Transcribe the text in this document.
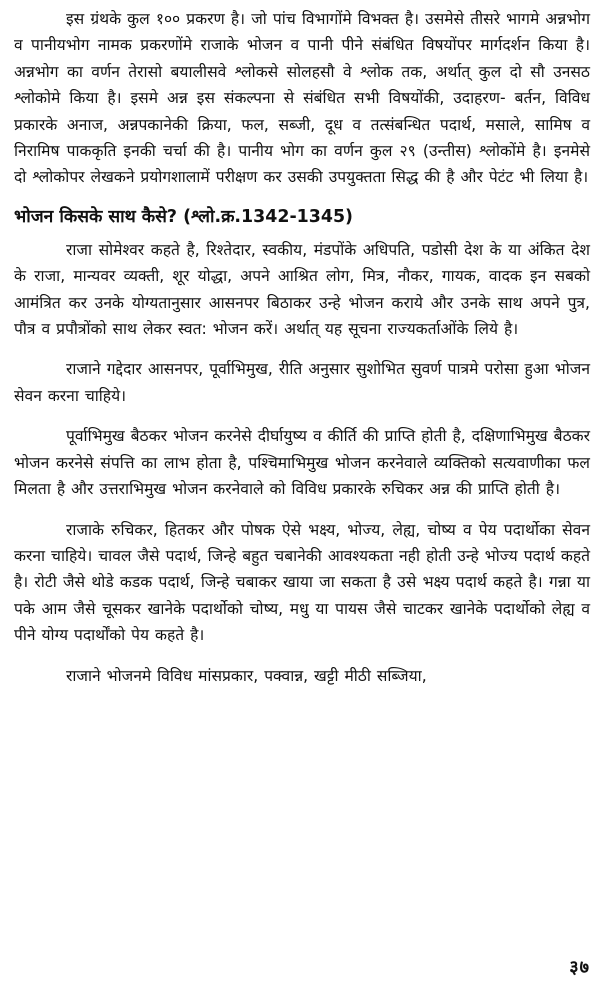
इस ग्रंथके कुल १०० प्रकरण है। जो पांच विभागोंमे विभक्त है। उसमेसे तीसरे भागमे अन्नभोग व पानीयभोग नामक प्रकरणोंमे राजाके भोजन व पानी पीने संबंधित विषयोंपर मार्गदर्शन किया है। अन्नभोग का वर्णन तेरासो बयालीसवे श्लोकसे सोलहसौ वे श्लोक तक, अर्थात् कुल दो सौ उनसठ श्लोकोमे किया है। इसमे अन्न इस संकल्पना से संबंधित सभी विषयोंकी, उदाहरण- बर्तन, विविध प्रकारके अनाज, अन्नपकानेकी क्रिया, फल, सब्जी, दूध व तत्संबन्धित पदार्थ, मसाले, सामिष व निरामिष पाककृति इनकी चर्चा की है। पानीय भोग का वर्णन कुल २९ (उन्तीस) श्लोकोंमे है। इनमेसे दो श्लोकोपर लेखकने प्रयोगशालामें परीक्षण कर उसकी उपयुक्तता सिद्ध की है और पेटंट भी लिया है।

भोजन किसके साथ कैसे? (श्लो.क्र.1342-1345)

राजा सोमेश्वर कहते है, रिश्तेदार, स्वकीय, मंडपोंके अधिपति, पडोसी देश के या अंकित देश के राजा, मान्यवर व्यक्ती, शूर योद्धा, अपने आश्रित लोग, मित्र, नौकर, गायक, वादक इन सबको आमंत्रित कर उनके योग्यतानुसार आसनपर बिठाकर उन्हे भोजन कराये और उनके साथ अपने पुत्र, पौत्र व प्रपौत्रोंको साथ लेकर स्वत: भोजन करें। अर्थात् यह सूचना राज्यकर्ताओंके लिये है।

राजाने गद्देदार आसनपर, पूर्वाभिमुख, रीति अनुसार सुशोभित सुवर्ण पात्रमे परोसा हुआ भोजन सेवन करना चाहिये।

पूर्वाभिमुख बैठकर भोजन करनेसे दीर्घायुष्य व कीर्ति की प्राप्ति होती है, दक्षिणाभिमुख बैठकर भोजन करनेसे संपत्ति का लाभ होता है, पश्चिमाभिमुख भोजन करनेवाले व्यक्तिको सत्यवाणीका फल मिलता है और उत्तराभिमुख भोजन करनेवाले को विविध प्रकारके रुचिकर अन्न की प्राप्ति होती है।

राजाके रुचिकर, हितकर और पोषक ऐसे भक्ष्य, भोज्य, लेह्य, चोष्य व पेय पदार्थोका सेवन करना चाहिये। चावल जैसे पदार्थ, जिन्हे बहुत चबानेकी आवश्यकता नही होती उन्हे भोज्य पदार्थ कहते है। रोटी जैसे थोडे कडक पदार्थ, जिन्हे चबाकर खाया जा सकता है उसे भक्ष्य पदार्थ कहते है। गन्ना या पके आम जैसे चूसकर खानेके पदार्थोको चोष्य, मधु या पायस जैसे चाटकर खानेके पदार्थोको लेह्य व पीने योग्य पदार्थोंको पेय कहते है।

राजाने भोजनमे विविध मांसप्रकार, पक्वान्न, खट्टी मीठी सब्जिया,

३७
